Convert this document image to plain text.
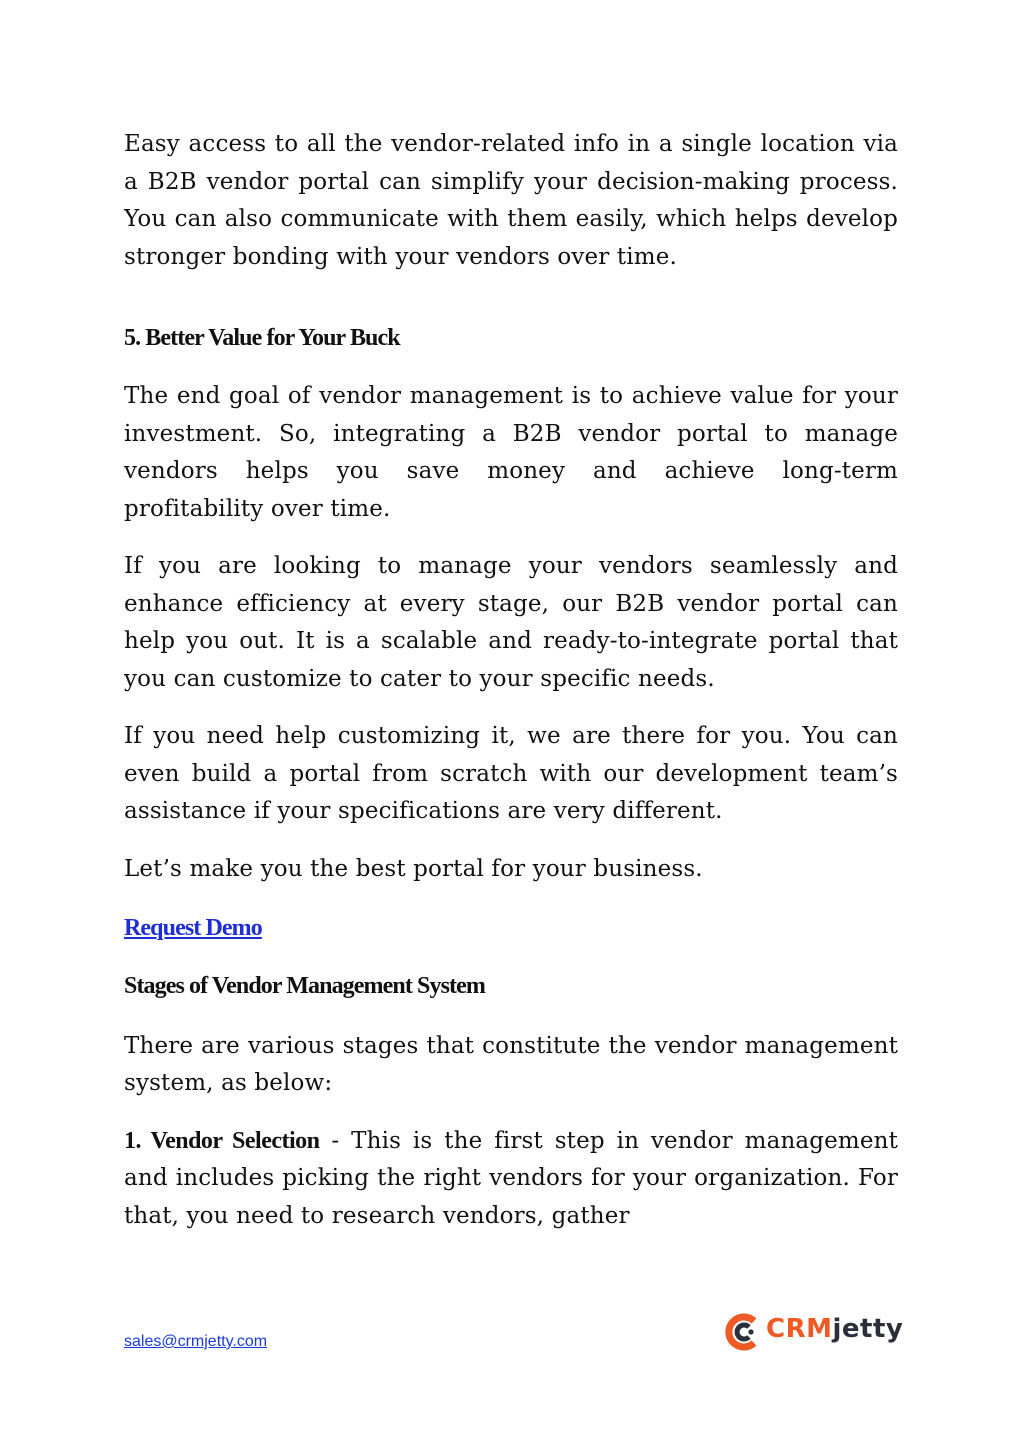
Easy access to all the vendor-related info in a single location via a B2B vendor portal can simplify your decision-making process. You can also communicate with them easily, which helps develop stronger bonding with your vendors over time.

5. Better Value for Your Buck

The end goal of vendor management is to achieve value for your investment. So, integrating a B2B vendor portal to manage vendors helps you save money and achieve long-term profitability over time.

If you are looking to manage your vendors seamlessly and enhance efficiency at every stage, our B2B vendor portal can help you out. It is a scalable and ready-to-integrate portal that you can customize to cater to your specific needs.

If you need help customizing it, we are there for you. You can even build a portal from scratch with our development team’s assistance if your specifications are very different.

Let’s make you the best portal for your business.

Request Demo
Stages of Vendor Management System

There are various stages that constitute the vendor management system, as below:

1. Vendor Selection - This is the first step in vendor management and includes picking the right vendors for your organization. For that, you need to research vendors, gather

sales@crmjetty.com	CRMjetty
